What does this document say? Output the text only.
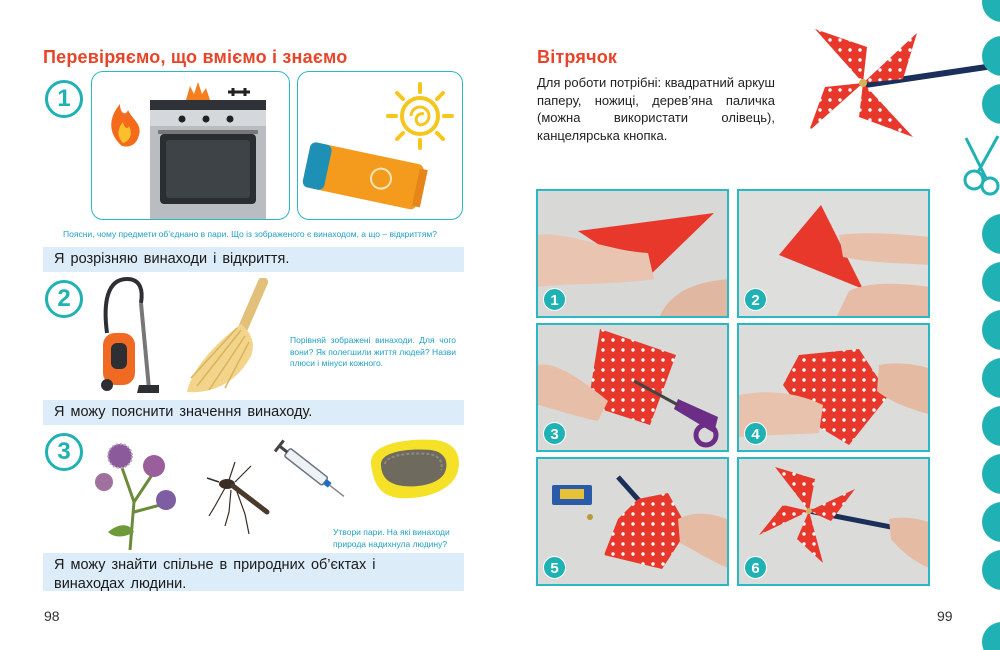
Перевіряємо, що вміємо і знаємо
1
Поясни, чому предмети об’єднано в пари. Що із зображеного є винаходом, а що – відкриттям?
Я розрізняю винаходи і відкриття.
2
Порівняй зображені винаходи. Для чого вони? Як полегшили життя людей? Назви плюси і мінуси кожного.
Я можу пояснити значення винаходу.
3
Утвори пари. На які винаходи природа надихнула людину?
Я можу знайти спільне в природних об’єктах і винаходах людини.
98
Вітрячок
Для роботи потрібні: квадратний аркуш паперу, ножиці, дерев’яна паличка (можна використати олівець), канцелярська кнопка.
1	2
3	4
5	6
99
